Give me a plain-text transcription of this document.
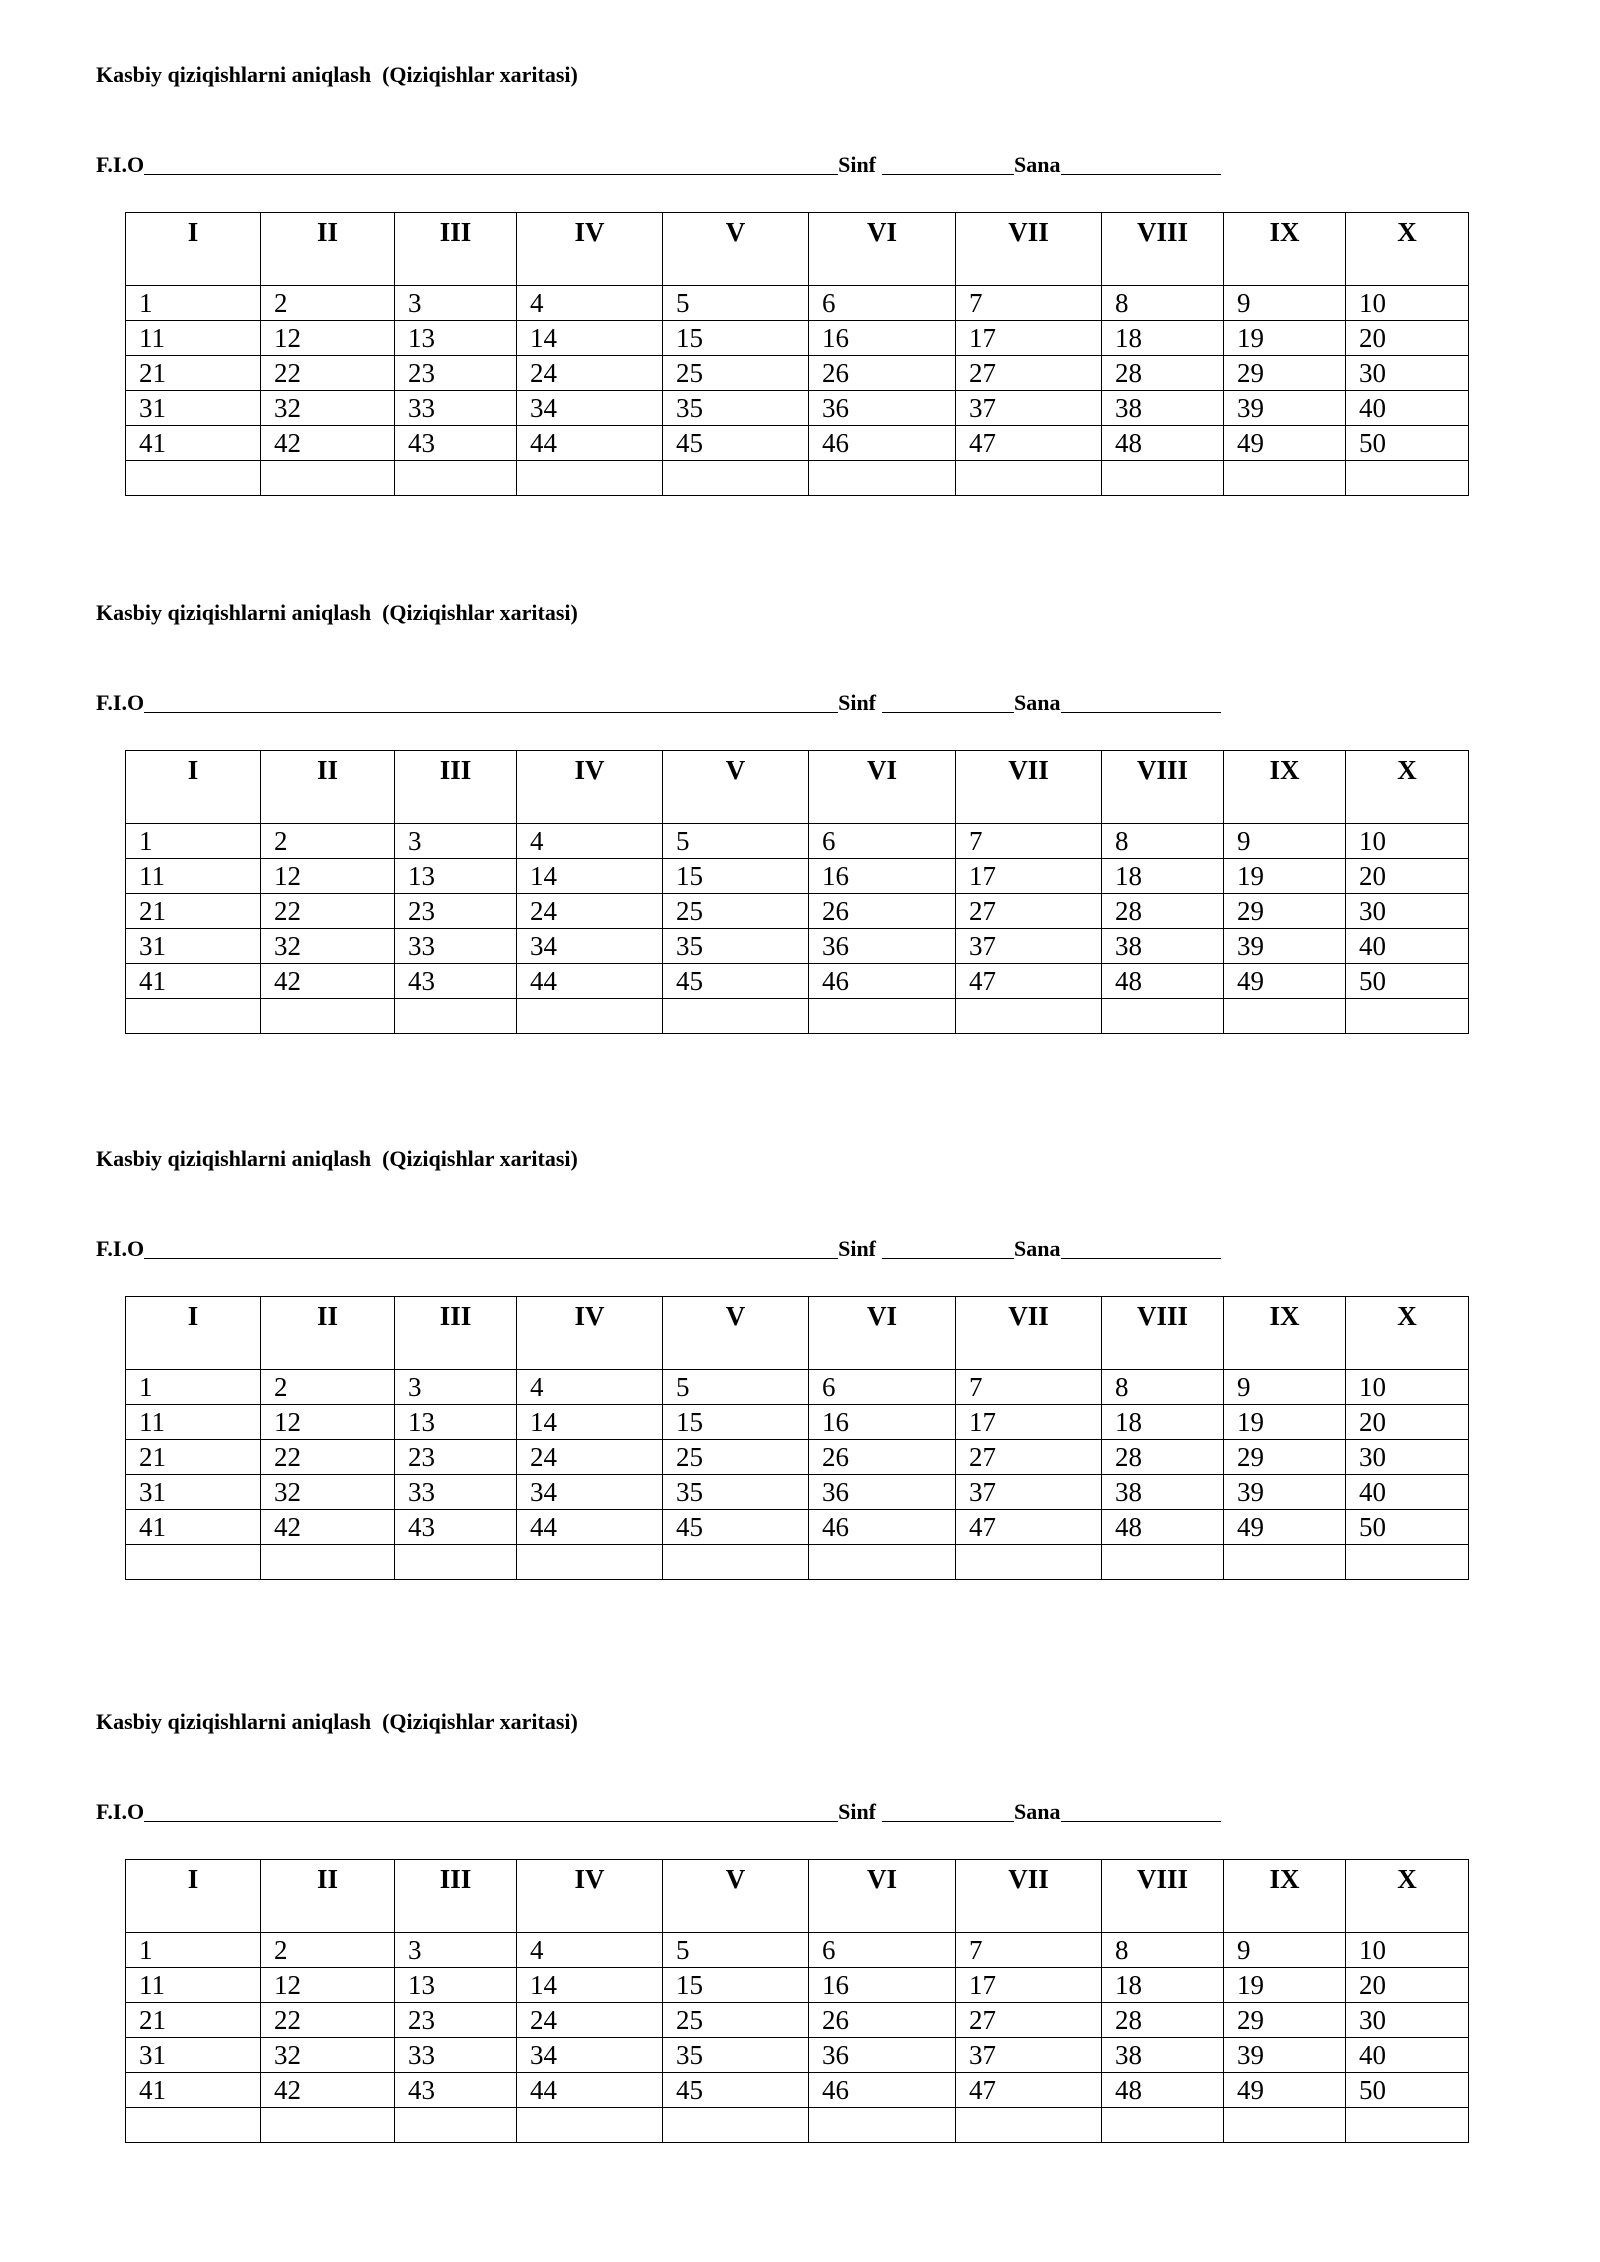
Kasbiy qiziqishlarni aniqlash  (Qiziqishlar xaritasi)
F.I.O	Sinf	Sana
I	II	III	IV	V	VI	VII	VIII	IX	X
1	2	3	4	5	6	7	8	9	10
11	12	13	14	15	16	17	18	19	20
21	22	23	24	25	26	27	28	29	30
31	32	33	34	35	36	37	38	39	40
41	42	43	44	45	46	47	48	49	50

Kasbiy qiziqishlarni aniqlash  (Qiziqishlar xaritasi)
F.I.O	Sinf	Sana
I	II	III	IV	V	VI	VII	VIII	IX	X
1	2	3	4	5	6	7	8	9	10
11	12	13	14	15	16	17	18	19	20
21	22	23	24	25	26	27	28	29	30
31	32	33	34	35	36	37	38	39	40
41	42	43	44	45	46	47	48	49	50

Kasbiy qiziqishlarni aniqlash  (Qiziqishlar xaritasi)
F.I.O	Sinf	Sana
I	II	III	IV	V	VI	VII	VIII	IX	X
1	2	3	4	5	6	7	8	9	10
11	12	13	14	15	16	17	18	19	20
21	22	23	24	25	26	27	28	29	30
31	32	33	34	35	36	37	38	39	40
41	42	43	44	45	46	47	48	49	50

Kasbiy qiziqishlarni aniqlash  (Qiziqishlar xaritasi)
F.I.O	Sinf	Sana
I	II	III	IV	V	VI	VII	VIII	IX	X
1	2	3	4	5	6	7	8	9	10
11	12	13	14	15	16	17	18	19	20
21	22	23	24	25	26	27	28	29	30
31	32	33	34	35	36	37	38	39	40
41	42	43	44	45	46	47	48	49	50
